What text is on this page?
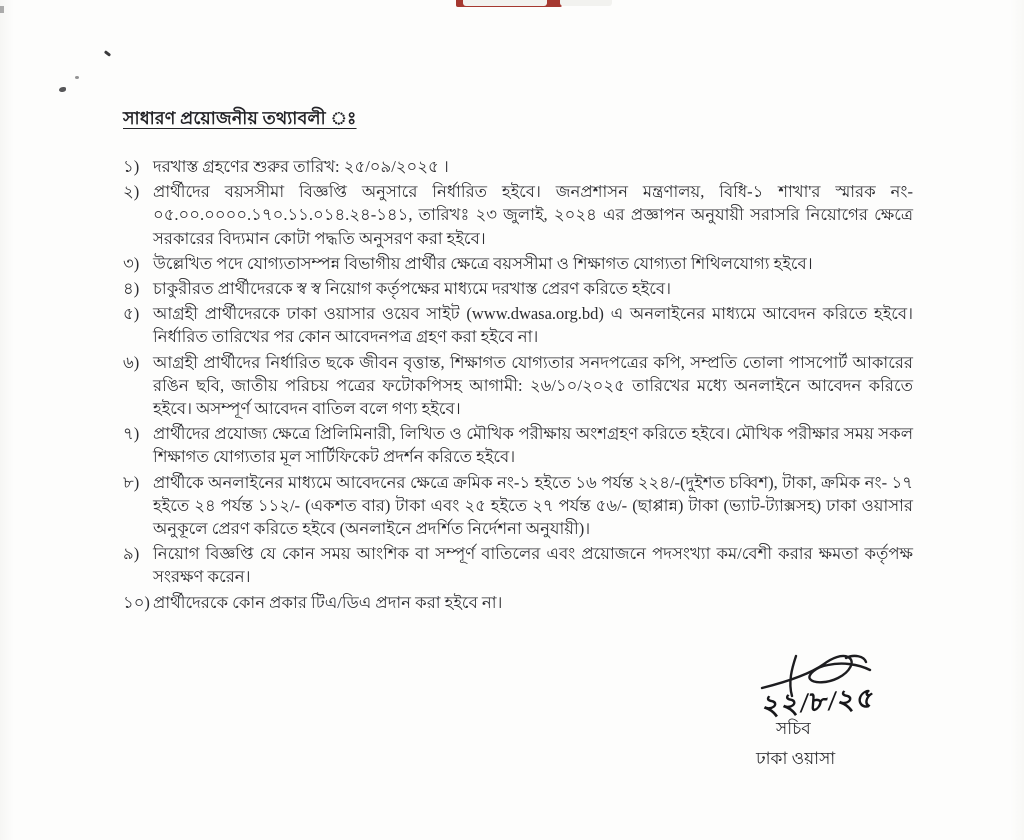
সাধারণ প্রয়োজনীয় তথ্যাবলী ঃ
১) দরখাস্ত গ্রহণের শুরুর তারিখ: ২৫/০৯/২০২৫ ।
২) প্রার্থীদের বয়সসীমা বিজ্ঞপ্তি অনুসারে নির্ধারিত হইবে। জনপ্রশাসন মন্ত্রণালয়, বিধি-১ শাখা'র স্মারক নং- ০৫.০০.০০০০.১৭০.১১.০১৪.২৪-১৪১, তারিখঃ ২৩ জুলাই, ২০২৪ এর প্রজ্ঞাপন অনুযায়ী সরাসরি নিয়োগের ক্ষেত্রে সরকারের বিদ্যমান কোটা পদ্ধতি অনুসরণ করা হইবে।
৩) উল্লেখিত পদে যোগ্যতাসম্পন্ন বিভাগীয় প্রার্থীর ক্ষেত্রে বয়সসীমা ও শিক্ষাগত যোগ্যতা শিথিলযোগ্য হইবে।
৪) চাকুরীরত প্রার্থীদেরকে স্ব স্ব নিয়োগ কর্তৃপক্ষের মাধ্যমে দরখাস্ত প্রেরণ করিতে হইবে।
৫) আগ্রহী প্রার্থীদেরকে ঢাকা ওয়াসার ওয়েব সাইট (www.dwasa.org.bd) এ অনলাইনের মাধ্যমে আবেদন করিতে হইবে। নির্ধারিত তারিখের পর কোন আবেদনপত্র গ্রহণ করা হইবে না।
৬) আগ্রহী প্রার্থীদের নির্ধারিত ছকে জীবন বৃত্তান্ত, শিক্ষাগত যোগ্যতার সনদপত্রের কপি, সম্প্রতি তোলা পাসপোর্ট আকারের রঙিন ছবি, জাতীয় পরিচয় পত্রের ফটোকপিসহ আগামী: ২৬/১০/২০২৫ তারিখের মধ্যে অনলাইনে আবেদন করিতে হইবে। অসম্পূর্ণ আবেদন বাতিল বলে গণ্য হইবে।
৭) প্রার্থীদের প্রযোজ্য ক্ষেত্রে প্রিলিমিনারী, লিখিত ও মৌখিক পরীক্ষায় অংশগ্রহণ করিতে হইবে। মৌখিক পরীক্ষার সময় সকল শিক্ষাগত যোগ্যতার মূল সার্টিফিকেট প্রদর্শন করিতে হইবে।
৮) প্রার্থীকে অনলাইনের মাধ্যমে আবেদনের ক্ষেত্রে ক্রমিক নং-১ হইতে ১৬ পর্যন্ত ২২৪/-(দুইশত চব্বিশ), টাকা, ক্রমিক নং- ১৭ হইতে ২৪ পর্যন্ত ১১২/- (একশত বার) টাকা এবং ২৫ হইতে ২৭ পর্যন্ত ৫৬/- (ছাপ্পান্ন) টাকা (ভ্যাট-ট্যাক্সসহ) ঢাকা ওয়াসার অনুকূলে প্রেরণ করিতে হইবে (অনলাইনে প্রদর্শিত নির্দেশনা অনুযায়ী)।
৯) নিয়োগ বিজ্ঞপ্তি যে কোন সময় আংশিক বা সম্পূর্ণ বাতিলের এবং প্রয়োজনে পদসংখ্যা কম/বেশী করার ক্ষমতা কর্তৃপক্ষ সংরক্ষণ করেন।
১০) প্রার্থীদেরকে কোন প্রকার টিএ/ডিএ প্রদান করা হইবে না।
২২/৮/২৫
সচিব
ঢাকা ওয়াসা
